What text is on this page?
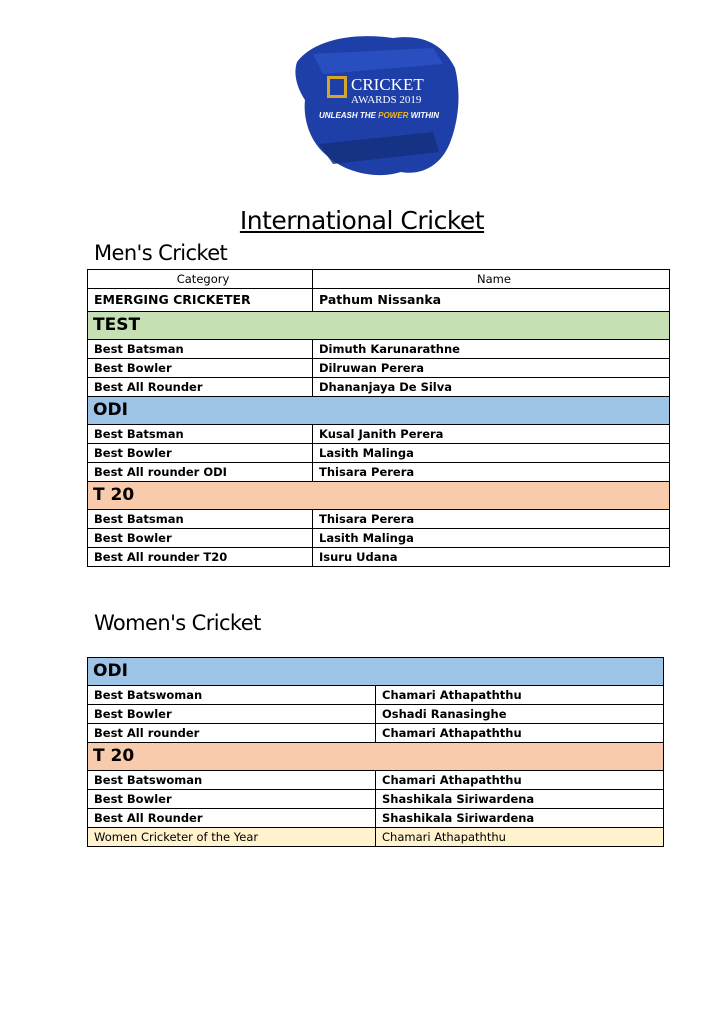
CRICKET
AWARDS 2019
UNLEASH THE POWER WITHIN
International Cricket
Men's Cricket
Category	Name
EMERGING CRICKETER	Pathum Nissanka
TEST	
Best Batsman	Dimuth Karunarathne
Best Bowler	Dilruwan Perera
Best All Rounder	Dhananjaya De Silva
ODI	
Best Batsman	Kusal Janith Perera
Best Bowler	Lasith Malinga
Best All rounder ODI	Thisara Perera
T 20	
Best Batsman	Thisara Perera
Best Bowler	Lasith Malinga
Best All rounder T20	Isuru Udana
Women's Cricket
ODI	
Best Batswoman	Chamari Athapaththu
Best Bowler	Oshadi Ranasinghe
Best All rounder	Chamari Athapaththu
T 20	
Best Batswoman	Chamari Athapaththu
Best Bowler	Shashikala Siriwardena
Best All Rounder	Shashikala Siriwardena
Women Cricketer of the Year	Chamari Athapaththu
